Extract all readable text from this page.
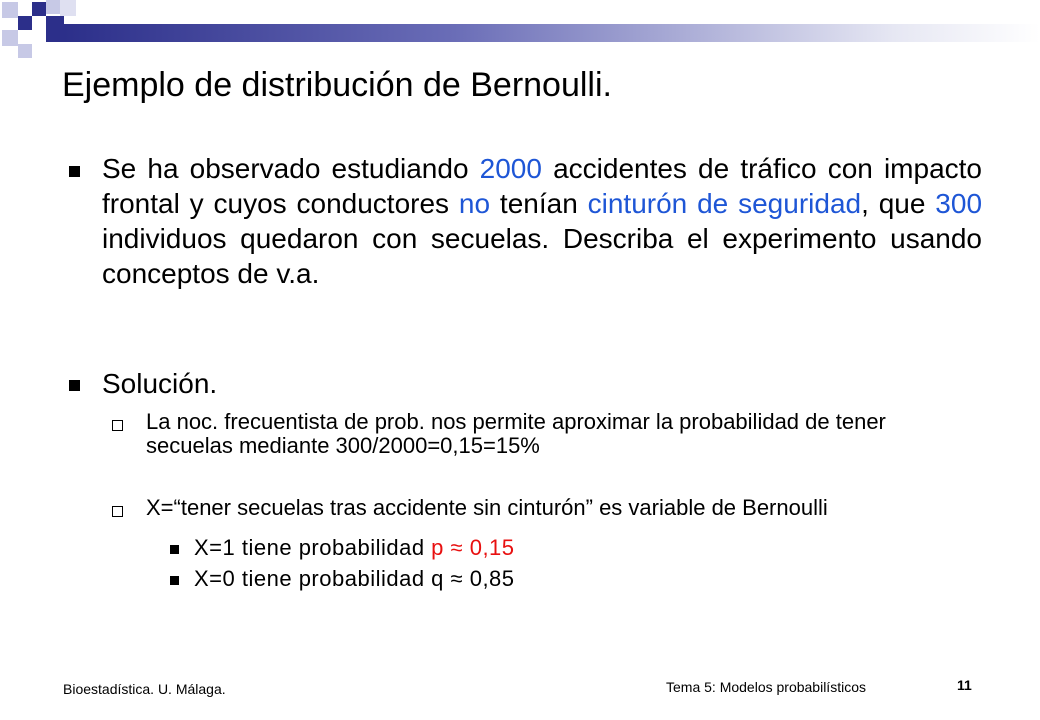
Ejemplo de distribución de Bernoulli.

Se ha observado estudiando 2000 accidentes de tráfico con impacto frontal y cuyos conductores no tenían cinturón de seguridad, que 300 individuos quedaron con secuelas. Describa el experimento usando conceptos de v.a.

Solución.

La noc. frecuentista de prob. nos permite aproximar la probabilidad de tener secuelas mediante 300/2000=0,15=15%

X=“tener secuelas tras accidente sin cinturón” es variable de Bernoulli

X=1 tiene probabilidad p ≈ 0,15

X=0 tiene probabilidad q ≈ 0,85

Bioestadística. U. Málaga.	Tema 5: Modelos probabilísticos	11
